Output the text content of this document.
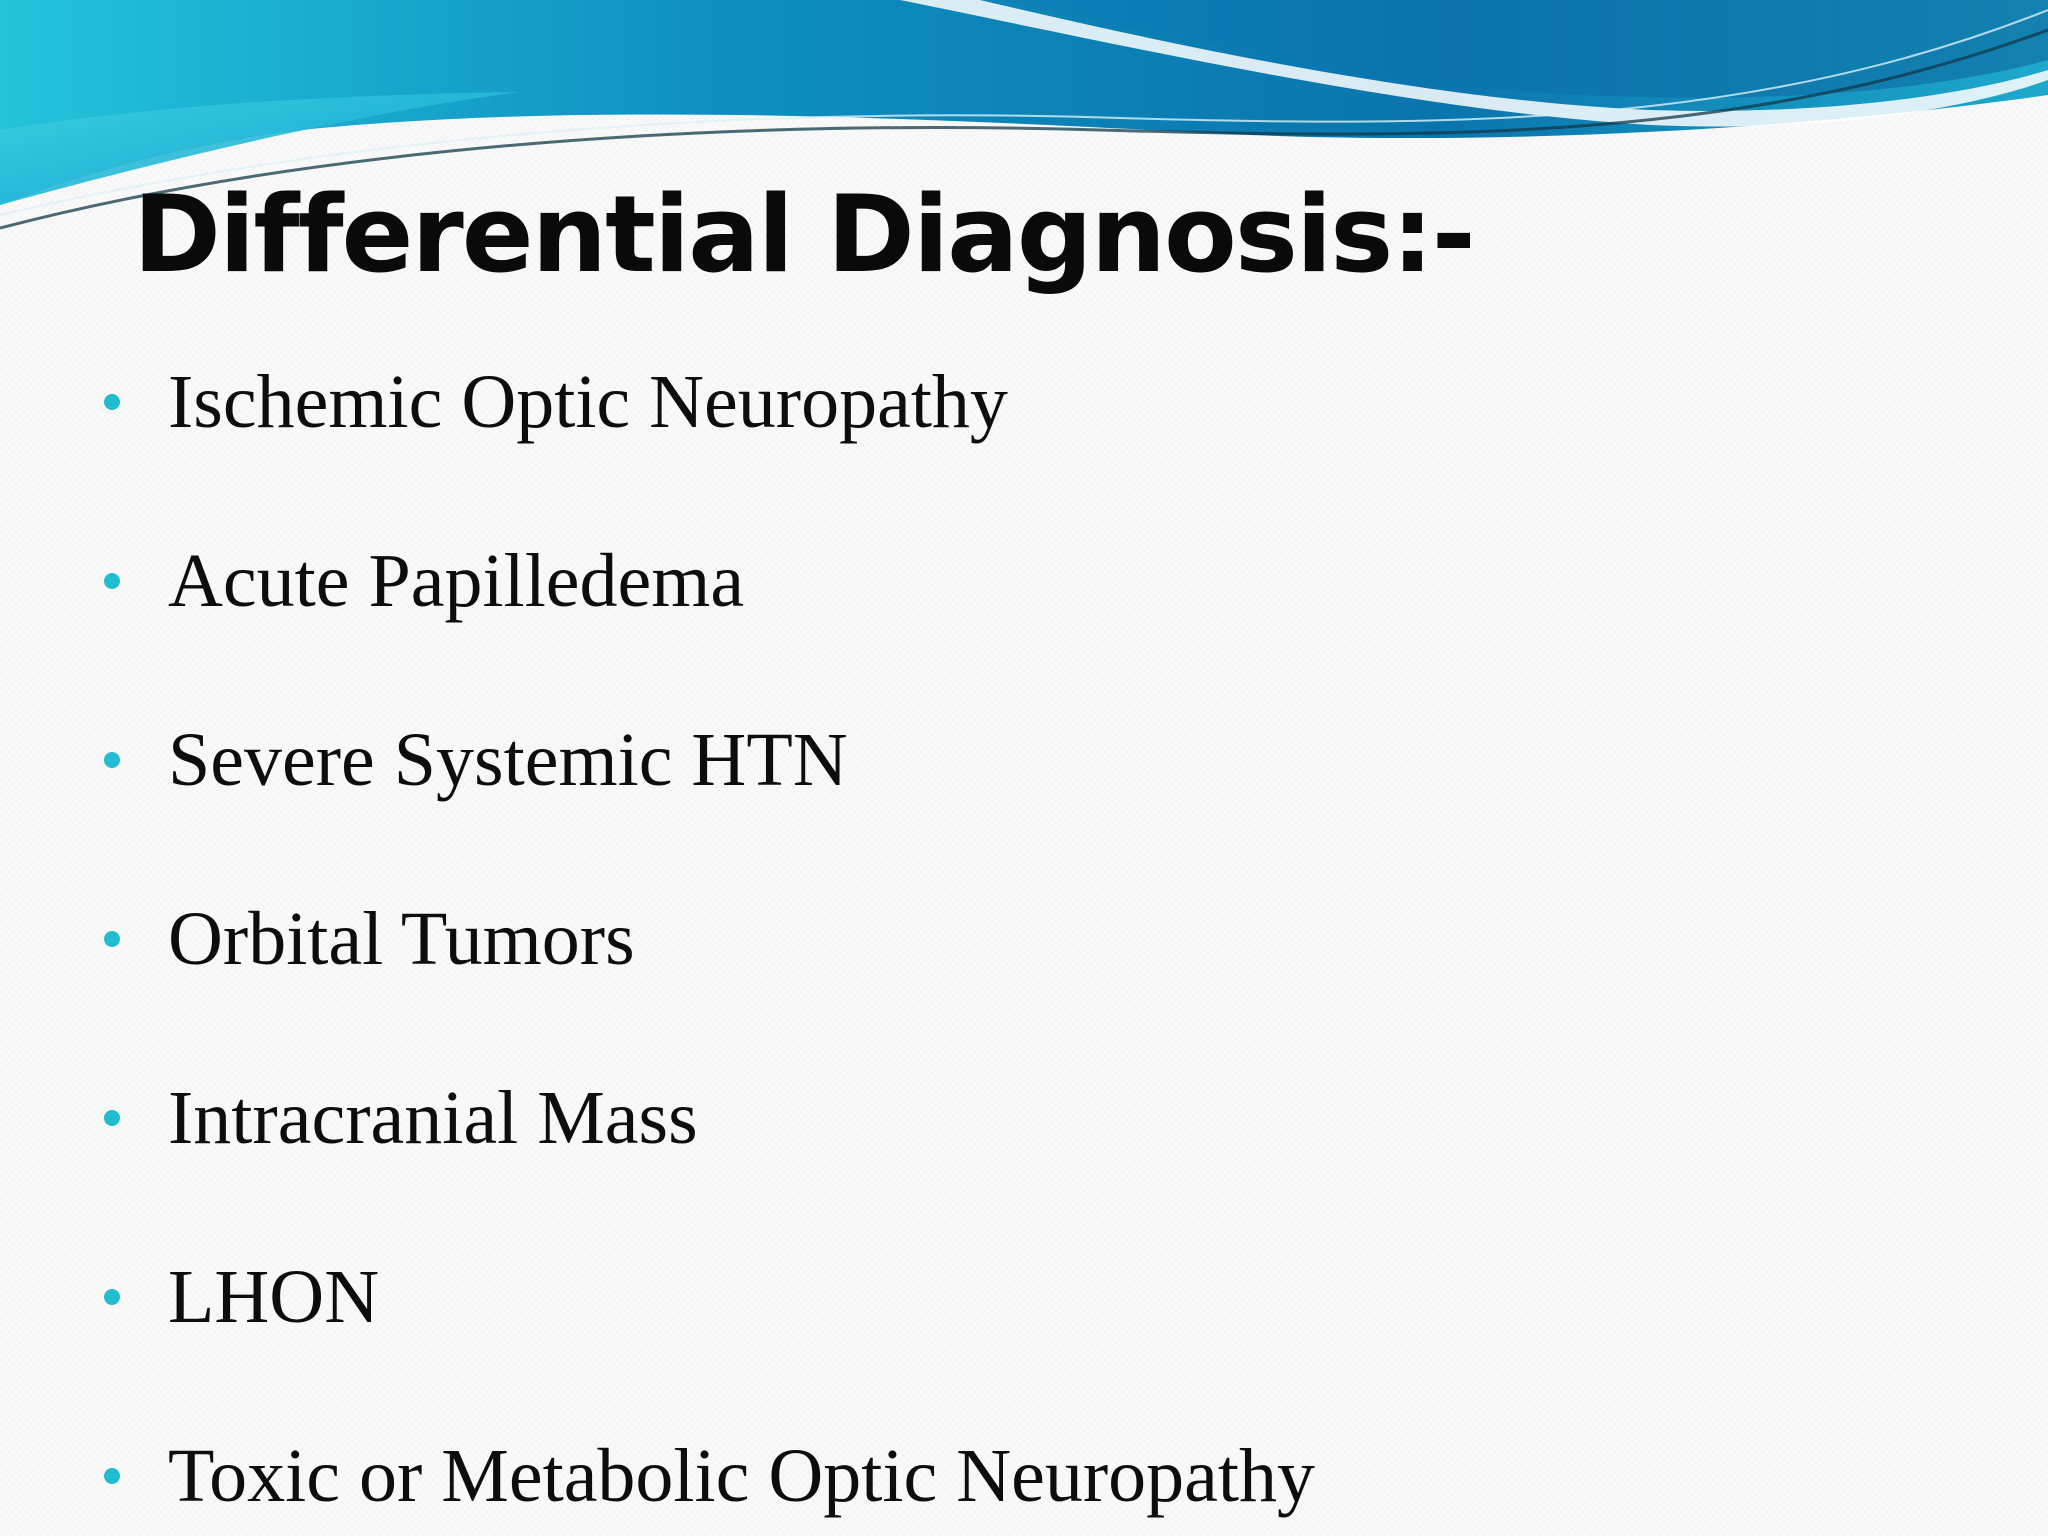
Differential Diagnosis:-
Ischemic Optic Neuropathy
Acute Papilledema
Severe Systemic HTN
Orbital Tumors
Intracranial Mass
LHON
Toxic or Metabolic Optic Neuropathy
